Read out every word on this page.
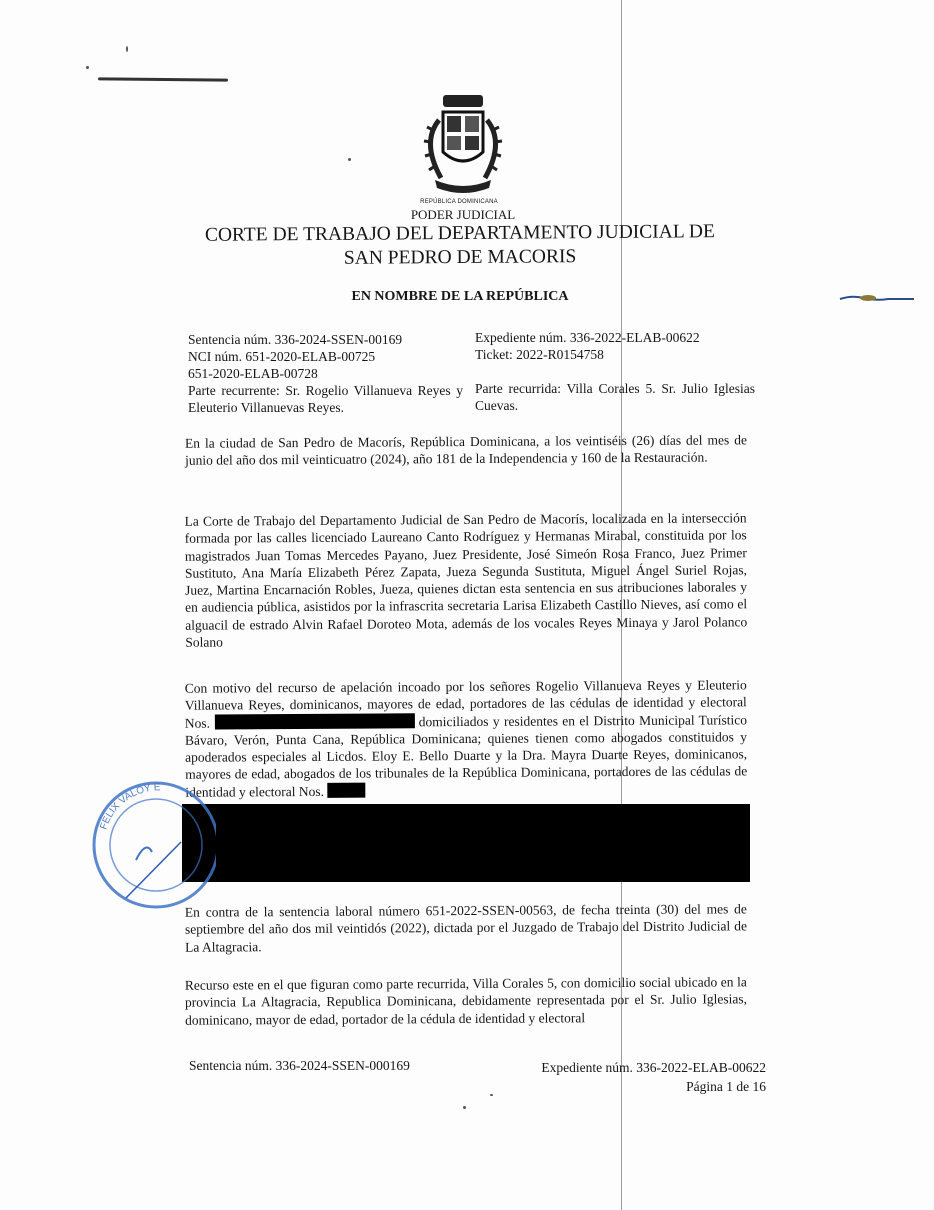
REPÚBLICA DOMINICANA
PODER JUDICIAL
CORTE DE TRABAJO DEL DEPARTAMENTO JUDICIAL DE
SAN PEDRO DE MACORIS
EN NOMBRE DE LA REPÚBLICA
Sentencia núm. 336-2024-SSEN-00169
NCI núm. 651-2020-ELAB-00725
651-2020-ELAB-00728
Parte recurrente: Sr. Rogelio Villanueva Reyes y Eleuterio Villanuevas Reyes.
Expediente núm. 336-2022-ELAB-00622
Ticket: 2022-R0154758
Parte recurrida: Villa Corales 5. Sr. Julio Iglesias Cuevas.
En la ciudad de San Pedro de Macorís, República Dominicana, a los veintiséis (26) días del mes de junio del año dos mil veinticuatro (2024), año 181 de la Independencia y 160 de la Restauración.
La Corte de Trabajo del Departamento Judicial de San Pedro de Macorís, localizada en la intersección formada por las calles licenciado Laureano Canto Rodríguez y Hermanas Mirabal, constituida por los magistrados Juan Tomas Mercedes Payano, Juez Presidente, José Simeón Rosa Franco, Juez Primer Sustituto, Ana María Elizabeth Pérez Zapata, Jueza Segunda Sustituta, Miguel Ángel Suriel Rojas, Juez, Martina Encarnación Robles, Jueza, quienes dictan esta sentencia en sus atribuciones laborales y en audiencia pública, asistidos por la infrascrita secretaria Larisa Elizabeth Castillo Nieves, así como el alguacil de estrado Alvin Rafael Doroteo Mota, además de los vocales Reyes Minaya y Jarol Polanco Solano
Con motivo del recurso de apelación incoado por los señores Rogelio Villanueva Reyes y Eleuterio Villanueva Reyes, dominicanos, mayores de edad, portadores de las cédulas de identidad y electoral Nos.	domiciliados y residentes en el Distrito Municipal Turístico Bávaro, Verón, Punta Cana, República Dominicana; quienes tienen como abogados constituidos y apoderados especiales al Licdos. Eloy E. Bello Duarte y la Dra. Mayra Duarte Reyes, dominicanos, mayores de edad, abogados de los tribunales de la República Dominicana, portadores de las cédulas de identidad y electoral Nos.
FELIX VALOY E
En contra de la sentencia laboral número 651-2022-SSEN-00563, de fecha treinta (30) del mes de septiembre del año dos mil veintidós (2022), dictada por el Juzgado de Trabajo del Distrito Judicial de La Altagracia.
Recurso este en el que figuran como parte recurrida, Villa Corales 5, con domicilio social ubicado en la provincia La Altagracia, Republica Dominicana, debidamente representada por el Sr. Julio Iglesias, dominicano, mayor de edad, portador de la cédula de identidad y electoral
Sentencia núm. 336-2024-SSEN-000169	Expediente núm. 336-2022-ELAB-00622
Página 1 de 16
